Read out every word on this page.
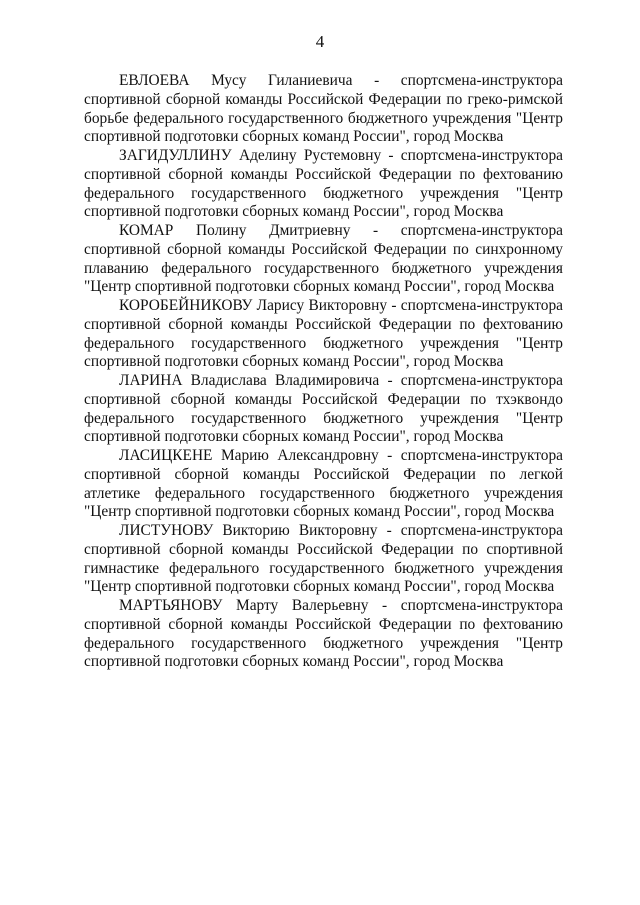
4

ЕВЛОЕВА Мусу Гиланиевича - спортсмена-инструктора спортивной сборной команды Российской Федерации по греко-римской борьбе федерального государственного бюджетного учреждения "Центр спортивной подготовки сборных команд России", город Москва

ЗАГИДУЛЛИНУ Аделину Рустемовну - спортсмена-инструктора спортивной сборной команды Российской Федерации по фехтованию федерального государственного бюджетного учреждения "Центр спортивной подготовки сборных команд России", город Москва

КОМАР Полину Дмитриевну - спортсмена-инструктора спортивной сборной команды Российской Федерации по синхронному плаванию федерального государственного бюджетного учреждения "Центр спортивной подготовки сборных команд России", город Москва

КОРОБЕЙНИКОВУ Ларису Викторовну - спортсмена-инструктора спортивной сборной команды Российской Федерации по фехтованию федерального государственного бюджетного учреждения "Центр спортивной подготовки сборных команд России", город Москва

ЛАРИНА Владислава Владимировича - спортсмена-инструктора спортивной сборной команды Российской Федерации по тхэквондо федерального государственного бюджетного учреждения "Центр спортивной подготовки сборных команд России", город Москва

ЛАСИЦКЕНЕ Марию Александровну - спортсмена-инструктора спортивной сборной команды Российской Федерации по легкой атлетике федерального государственного бюджетного учреждения "Центр спортивной подготовки сборных команд России", город Москва

ЛИСТУНОВУ Викторию Викторовну - спортсмена-инструктора спортивной сборной команды Российской Федерации по спортивной гимнастике федерального государственного бюджетного учреждения "Центр спортивной подготовки сборных команд России", город Москва

МАРТЬЯНОВУ Марту Валерьевну - спортсмена-инструктора спортивной сборной команды Российской Федерации по фехтованию федерального государственного бюджетного учреждения "Центр спортивной подготовки сборных команд России", город Москва
